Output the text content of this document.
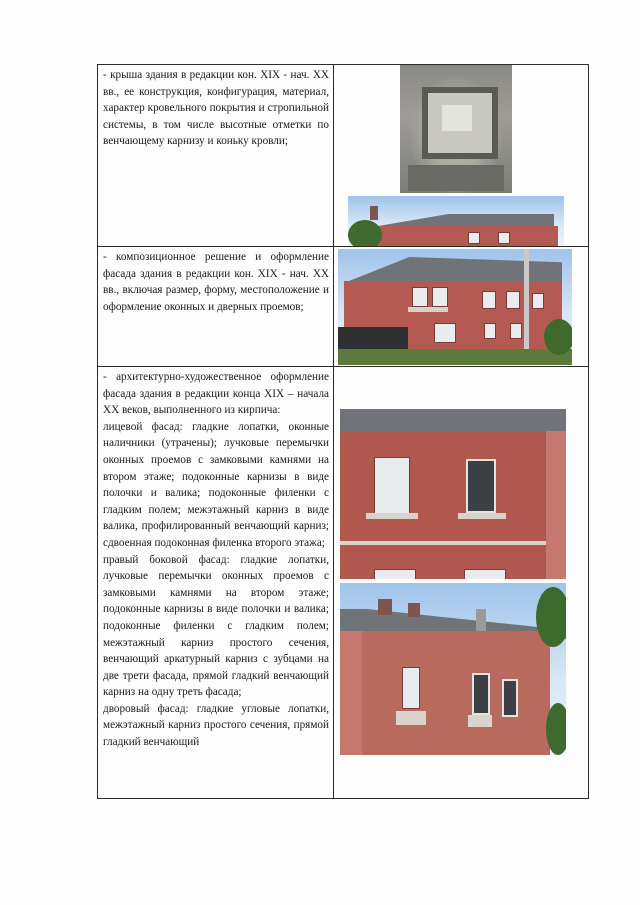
- крыша здания в редакции кон. XIX - нач. XX вв., ее конструкция, конфигурация, материал, характер кровельного покрытия и стропильной системы, в том числе высотные отметки по венчающему карнизу и коньку кровли;	

- композиционное решение и оформление фасада здания в редакции кон. XIX - нач. XX вв., включая размер, форму, местоположение и оформление оконных и дверных проемов;	

- архитектурно-художественное оформление фасада здания в редакции конца XIX – начала XX веков, выполненного из кирпича:
лицевой фасад: гладкие лопатки, оконные наличники (утрачены); лучковые перемычки оконных проемов с замковыми камнями на втором этаже; подоконные карнизы в виде полочки и валика; подоконные филенки с гладким полем; межэтажный карниз в виде валика, профилированный венчающий карниз; сдвоенная подоконная филенка второго этажа;
правый боковой фасад: гладкие лопатки, лучковые перемычки оконных проемов с замковыми камнями на втором этаже; подоконные карнизы в виде полочки и валика; подоконные филенки с гладким полем; межэтажный карниз простого сечения, венчающий аркатурный карниз с зубцами на две трети фасада, прямой гладкий венчающий карниз на одну треть фасада;
дворовый фасад: гладкие угловые лопатки, межэтажный карниз простого сечения, прямой гладкий венчающий	
